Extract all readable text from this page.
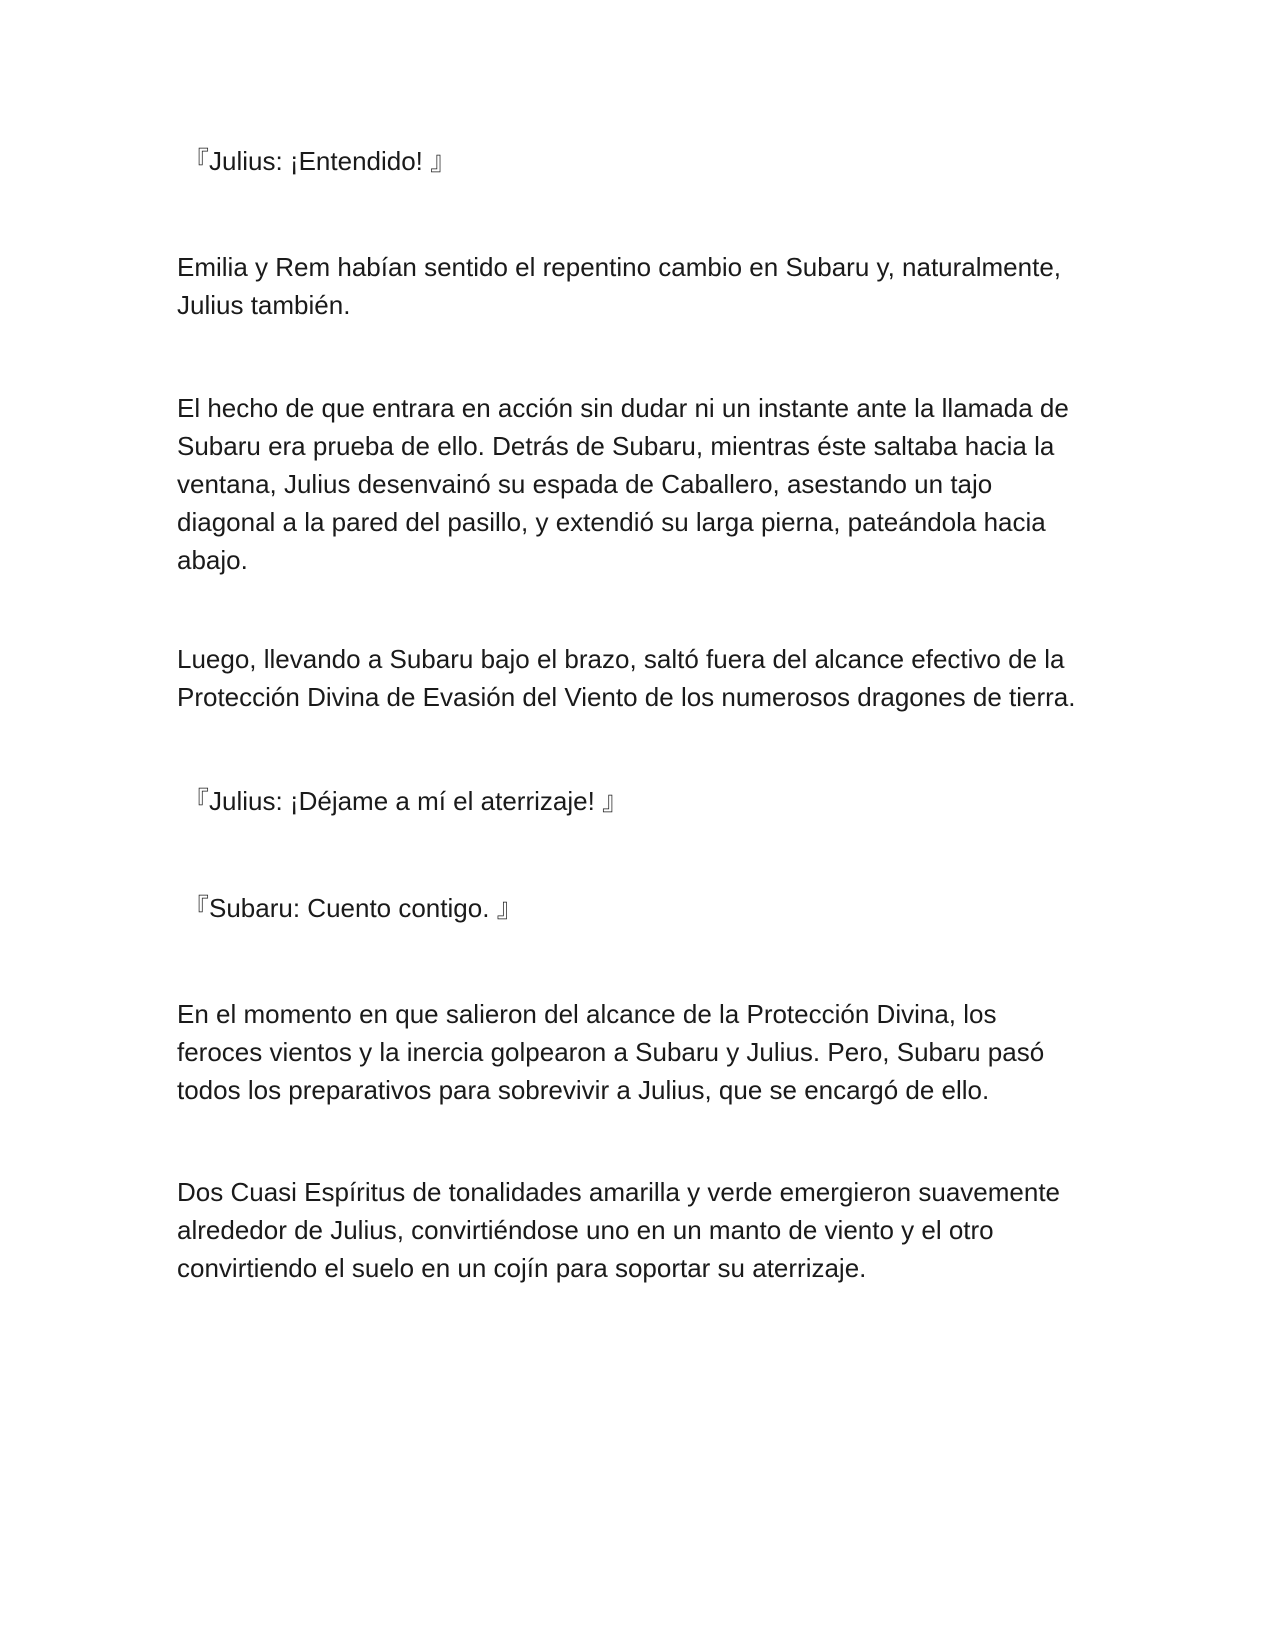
『Julius: ¡Entendido! 』

Emilia y Rem habían sentido el repentino cambio en Subaru y, naturalmente,
Julius también.

El hecho de que entrara en acción sin dudar ni un instante ante la llamada de
Subaru era prueba de ello. Detrás de Subaru, mientras éste saltaba hacia la
ventana, Julius desenvainó su espada de Caballero, asestando un tajo
diagonal a la pared del pasillo, y extendió su larga pierna, pateándola hacia
abajo.

Luego, llevando a Subaru bajo el brazo, saltó fuera del alcance efectivo de la
Protección Divina de Evasión del Viento de los numerosos dragones de tierra.

『Julius: ¡Déjame a mí el aterrizaje! 』

『Subaru: Cuento contigo. 』

En el momento en que salieron del alcance de la Protección Divina, los
feroces vientos y la inercia golpearon a Subaru y Julius. Pero, Subaru pasó
todos los preparativos para sobrevivir a Julius, que se encargó de ello.

Dos Cuasi Espíritus de tonalidades amarilla y verde emergieron suavemente
alrededor de Julius, convirtiéndose uno en un manto de viento y el otro
convirtiendo el suelo en un cojín para soportar su aterrizaje.
